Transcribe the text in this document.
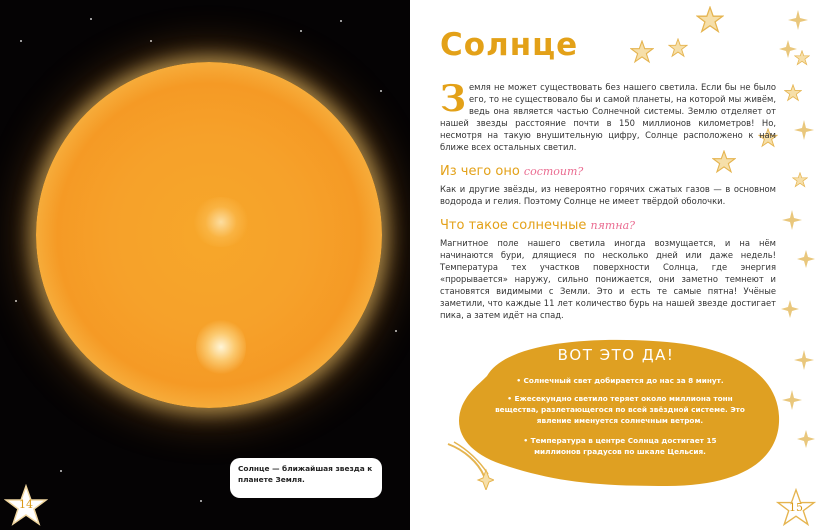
Солнце — ближайшая звезда к планете Земля.
14
Солнце
Земля не может существовать без нашего светила. Если бы не было его, то не существовало бы и самой планеты, на которой мы живём, ведь она является частью Солнечной системы. Землю отделяет от нашей звезды расстояние почти в 150 миллионов километров! Но, несмотря на такую внушительную цифру, Солнце расположено к нам ближе всех остальных светил.
Из чего оно состоит?
Как и другие звёзды, из невероятно горячих сжатых газов — в основном водорода и гелия. Поэтому Солнце не имеет твёрдой оболочки.
Что такое солнечные пятна?
Магнитное поле нашего светила иногда возмущается, и на нём начинаются бури, длящиеся по несколько дней или даже недель! Температура тех участков поверхности Солнца, где энергия «прорывается» наружу, сильно понижается, они заметно темнеют и становятся видимыми с Земли. Это и есть те самые пятна! Учёные заметили, что каждые 11 лет количество бурь на нашей звезде достигает пика, а затем идёт на спад.
ВОТ ЭТО ДА!
• Солнечный свет добирается до нас за 8 минут.
• Ежесекундно светило теряет около миллиона тонн вещества, разлетающегося по всей звёздной системе. Это явление именуется солнечным ветром.
• Температура в центре Солнца достигает 15 миллионов градусов по шкале Цельсия.
15
